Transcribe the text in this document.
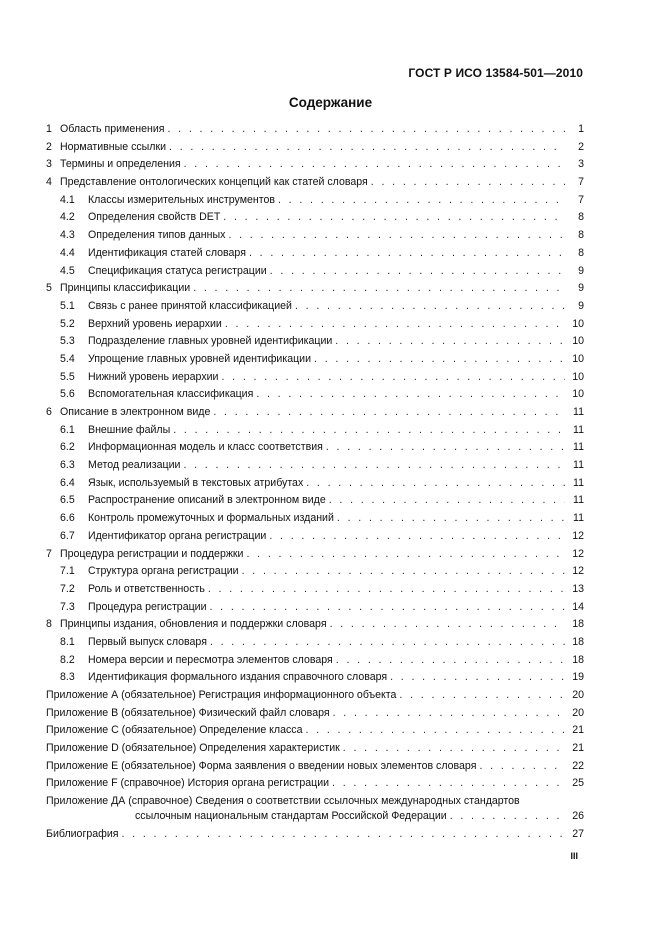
ГОСТ Р ИСО 13584-501—2010
Содержание
1 Область применения . . .	1
2 Нормативные ссылки . . .	2
3 Термины и определения . . .	3
4 Представление онтологических концепций как статей словаря . . .	7
4.1	Классы измерительных инструментов . . .	7
4.2	Определения свойств DET . . .	8
4.3	Определения типов данных . . .	8
4.4	Идентификация статей словаря . . .	8
4.5	Спецификация статуса регистрации . . .	9
5 Принципы классификации . . .	9
5.1	Связь с ранее принятой классификацией . . .	9
5.2	Верхний уровень иерархии . . .	10
5.3	Подразделение главных уровней идентификации . . .	10
5.4	Упрощение главных уровней идентификации . . .	10
5.5	Нижний уровень иерархии . . .	10
5.6	Вспомогательная классификация . . .	10
6 Описание в электронном виде . . .	11
6.1	Внешние файлы . . .	11
6.2	Информационная модель и класс соответствия . . .	11
6.3	Метод реализации . . .	11
6.4	Язык, используемый в текстовых атрибутах . . .	11
6.5	Распространение описаний в электронном виде . . .	11
6.6	Контроль промежуточных и формальных изданий . . .	11
6.7	Идентификатор органа регистрации . . .	12
7 Процедура регистрации и поддержки . . .	12
7.1	Структура органа регистрации . . .	12
7.2	Роль и ответственность . . .	13
7.3	Процедура регистрации . . .	14
8 Принципы издания, обновления и поддержки словаря . . .	18
8.1	Первый выпуск словаря . . .	18
8.2	Номера версии и пересмотра элементов словаря . . .	18
8.3	Идентификация формального издания справочного словаря . . .	19
Приложение А (обязательное) Регистрация информационного объекта . . .	20
Приложение В (обязательное) Физический файл словаря . . .	20
Приложение С (обязательное) Определение класса . . .	21
Приложение D (обязательное) Определения характеристик . . .	21
Приложение Е (обязательное) Форма заявления о введении новых элементов словаря . . .	22
Приложение F (справочное) История органа регистрации . . .	25
Приложение ДА (справочное) Сведения о соответствии ссылочных международных стандартов
ссылочным национальным стандартам Российской Федерации . . .	26
Библиография . . .	27
III
